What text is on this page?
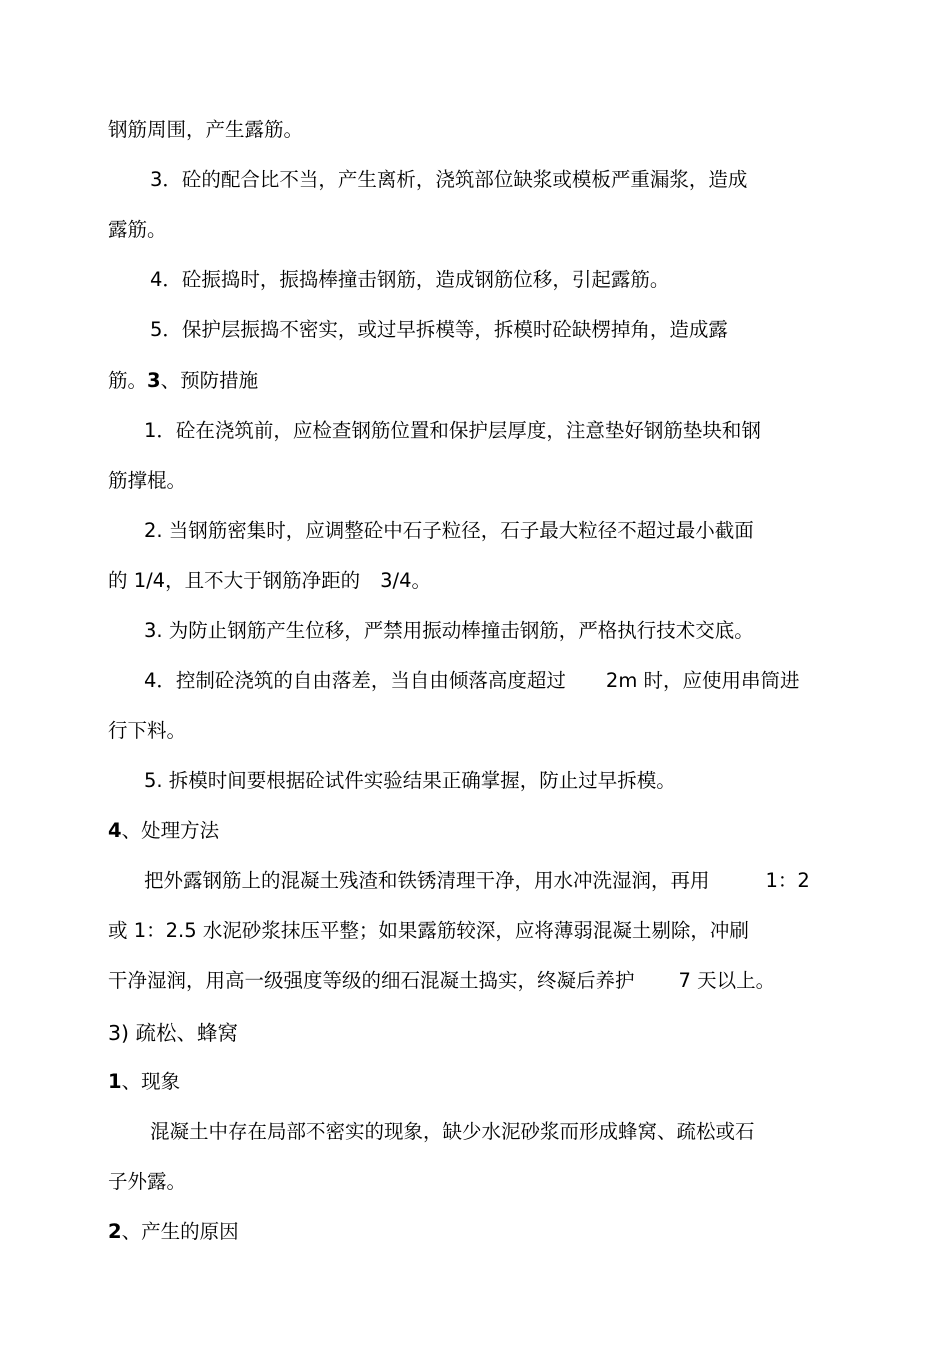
钢筋周围，产生露筋。

3．砼的配合比不当，产生离析，浇筑部位缺浆或模板严重漏浆，造成

露筋。

4．砼振捣时，振捣棒撞击钢筋，造成钢筋位移，引起露筋。

5．保护层振捣不密实，或过早拆模等，拆模时砼缺楞掉角，造成露

筋。3、预防措施

1．砼在浇筑前，应检查钢筋位置和保护层厚度，注意垫好钢筋垫块和钢

筋撑棍。

2. 当钢筋密集时，应调整砼中石子粒径，石子最大粒径不超过最小截面

的 1/4，且不大于钢筋净距的 3/4。

3. 为防止钢筋产生位移，严禁用振动棒撞击钢筋，严格执行技术交底。

4．控制砼浇筑的自由落差，当自由倾落高度超过 2m 时，应使用串筒进

行下料。

5. 拆模时间要根据砼试件实验结果正确掌握，防止过早拆模。

4、处理方法

把外露钢筋上的混凝土残渣和铁锈清理干净，用水冲洗湿润，再用	1：2

或 1：2.5 水泥砂浆抹压平整；如果露筋较深，应将薄弱混凝土剔除，冲刷

干净湿润，用高一级强度等级的细石混凝土捣实，终凝后养护 7 天以上。

3) 疏松、蜂窝

1、现象

混凝土中存在局部不密实的现象，缺少水泥砂浆而形成蜂窝、疏松或石

子外露。

2、产生的原因
